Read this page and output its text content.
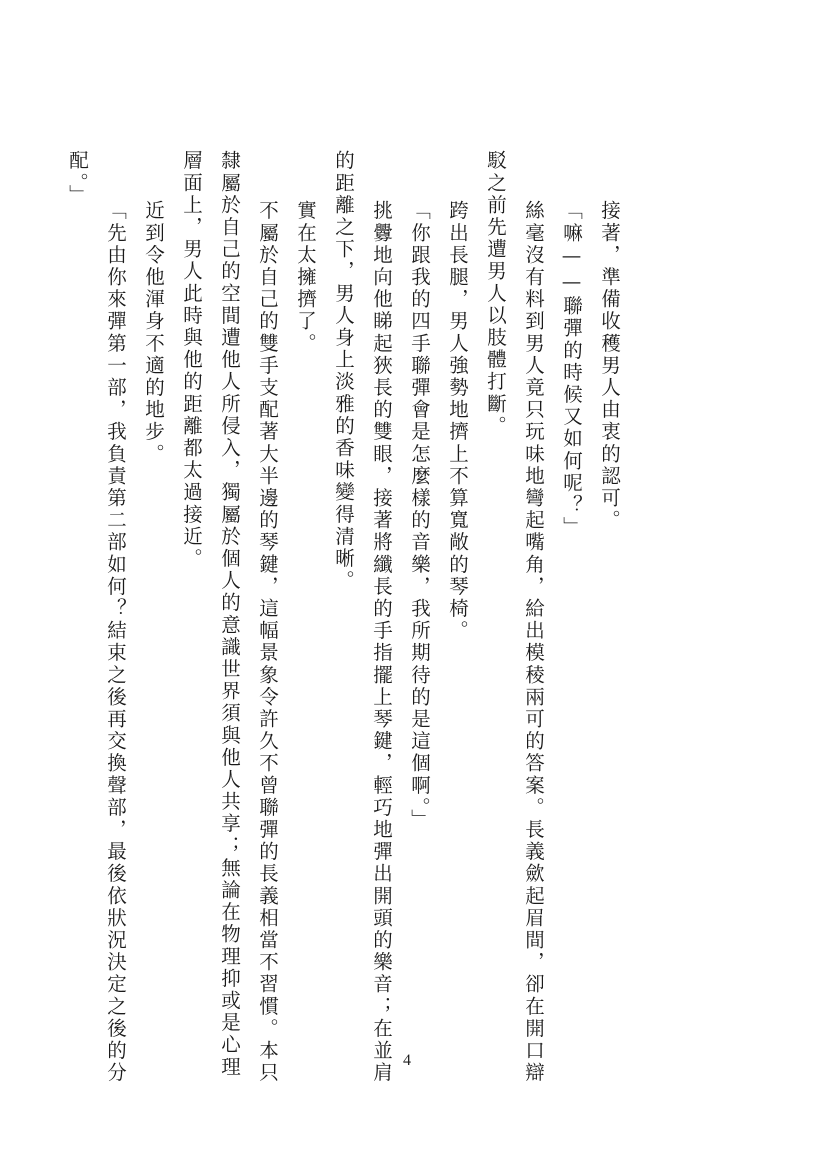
接著，準備收穫男人由衷的認可。
「嘛——聯彈的時候又如何呢？」
絲毫沒有料到男人竟只玩味地彎起嘴角，給出模稜兩可的答案。長義歛起眉間，卻在開口辯
駁之前先遭男人以肢體打斷。
跨出長腿，男人強勢地擠上不算寬敞的琴椅。
「你跟我的四手聯彈會是怎麼樣的音樂，我所期待的是這個啊。」
挑釁地向他睇起狹長的雙眼，接著將纖長的手指擺上琴鍵，輕巧地彈出開頭的樂音；在並肩
的距離之下，男人身上淡雅的香味變得清晰。
實在太擁擠了。
不屬於自己的雙手支配著大半邊的琴鍵，這幅景象令許久不曾聯彈的長義相當不習慣。本只
隸屬於自己的空間遭他人所侵入，獨屬於個人的意識世界須與他人共享；無論在物理抑或是心理
層面上，男人此時與他的距離都太過接近。
近到令他渾身不適的地步。
「先由你來彈第一部，我負責第二部如何？結束之後再交換聲部，最後依狀況決定之後的分
配。」
4
